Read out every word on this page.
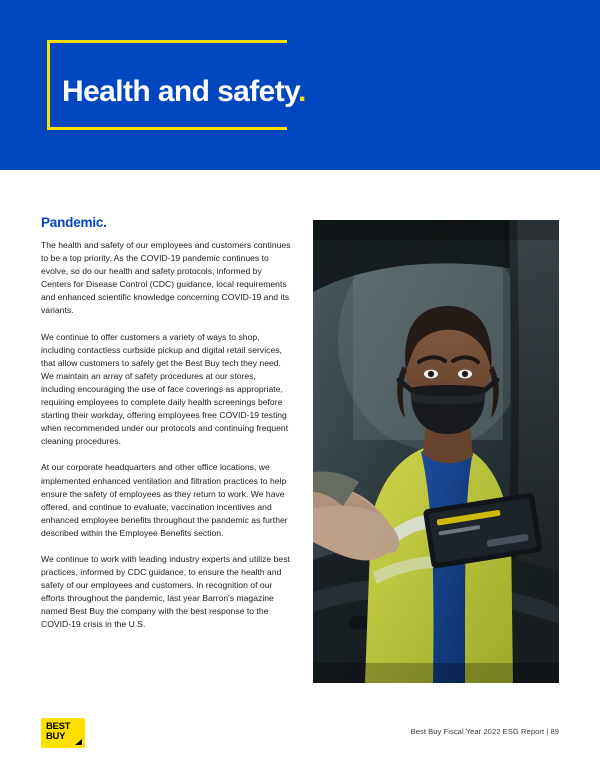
Health and safety.
Pandemic.

The health and safety of our employees and customers continues to be a top priority. As the COVID-19 pandemic continues to evolve, so do our health and safety protocols, informed by Centers for Disease Control (CDC) guidance, local requirements and enhanced scientific knowledge concerning COVID-19 and its variants.

We continue to offer customers a variety of ways to shop, including contactless curbside pickup and digital retail services, that allow customers to safely get the Best Buy tech they need. We maintain an array of safety procedures at our stores, including encouraging the use of face coverings as appropriate, requiring employees to complete daily health screenings before starting their workday, offering employees free COVID-19 testing when recommended under our protocols and continuing frequent cleaning procedures.

At our corporate headquarters and other office locations, we implemented enhanced ventilation and filtration practices to help ensure the safety of employees as they return to work. We have offered, and continue to evaluate, vaccination incentives and enhanced employee benefits throughout the pandemic as further described within the Employee Benefits section.

We continue to work with leading industry experts and utilize best practices, informed by CDC guidance, to ensure the health and safety of our employees and customers. In recognition of our efforts throughout the pandemic, last year Barron's magazine named Best Buy the company with the best response to the COVID-19 crisis in the U.S.

BEST
BUY	Best Buy Fiscal Year 2022 ESG Report | 89
